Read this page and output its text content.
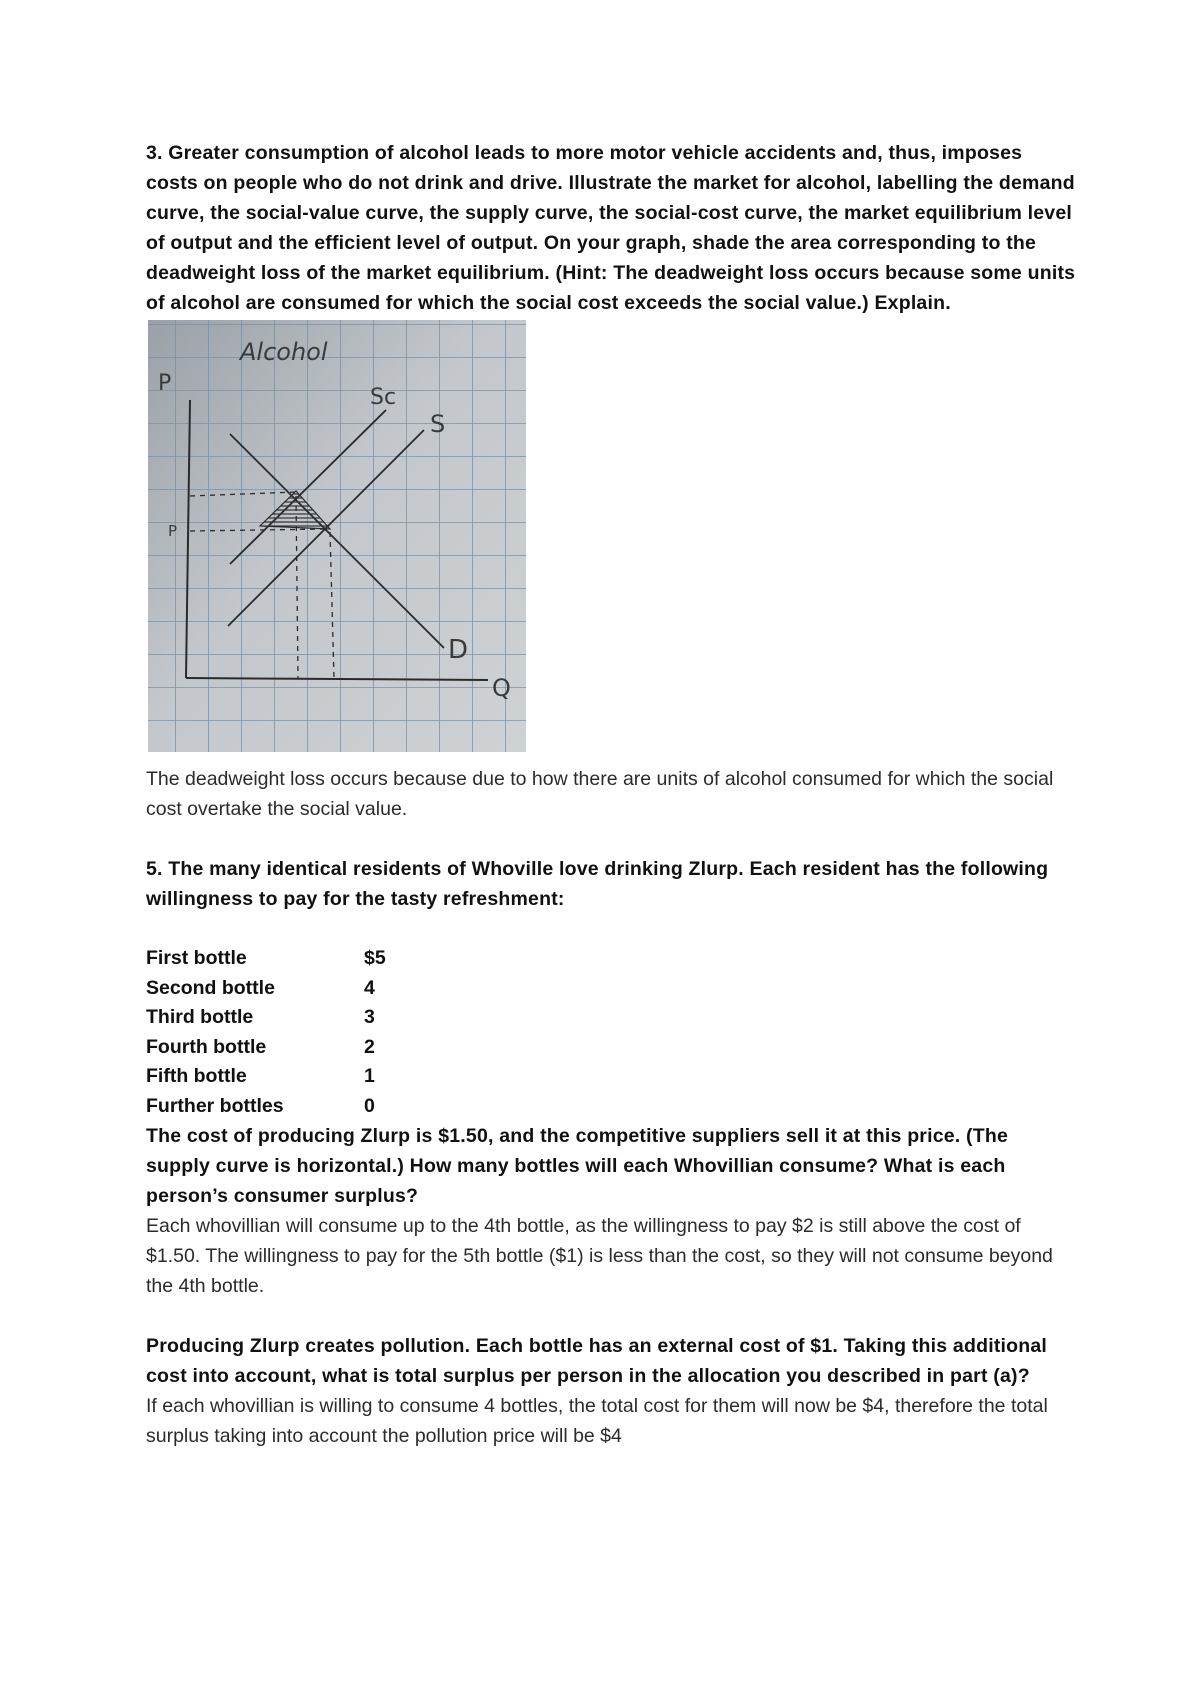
3. Greater consumption of alcohol leads to more motor vehicle accidents and, thus, imposes costs on people who do not drink and drive. Illustrate the market for alcohol, labelling the demand curve, the social-value curve, the supply curve, the social-cost curve, the market equilibrium level of output and the efficient level of output. On your graph, shade the area corresponding to the deadweight loss of the market equilibrium. (Hint: The deadweight loss occurs because some units of alcohol are consumed for which the social cost exceeds the social value.) Explain.

Alcohol
P
Q
Sc
S
D
P

The deadweight loss occurs because due to how there are units of alcohol consumed for which the social cost overtake the social value.

5. The many identical residents of Whoville love drinking Zlurp. Each resident has the following willingness to pay for the tasty refreshment:

First bottle	$5
Second bottle	4
Third bottle	3
Fourth bottle	2
Fifth bottle	1
Further bottles	0

The cost of producing Zlurp is $1.50, and the competitive suppliers sell it at this price. (The supply curve is horizontal.) How many bottles will each Whovillian consume? What is each person’s consumer surplus?

Each whovillian will consume up to the 4th bottle, as the willingness to pay $2 is still above the cost of $1.50. The willingness to pay for the 5th bottle ($1) is less than the cost, so they will not consume beyond the 4th bottle.

Producing Zlurp creates pollution. Each bottle has an external cost of $1. Taking this additional cost into account, what is total surplus per person in the allocation you described in part (a)?

If each whovillian is willing to consume 4 bottles, the total cost for them will now be $4, therefore the total surplus taking into account the pollution price will be $4
